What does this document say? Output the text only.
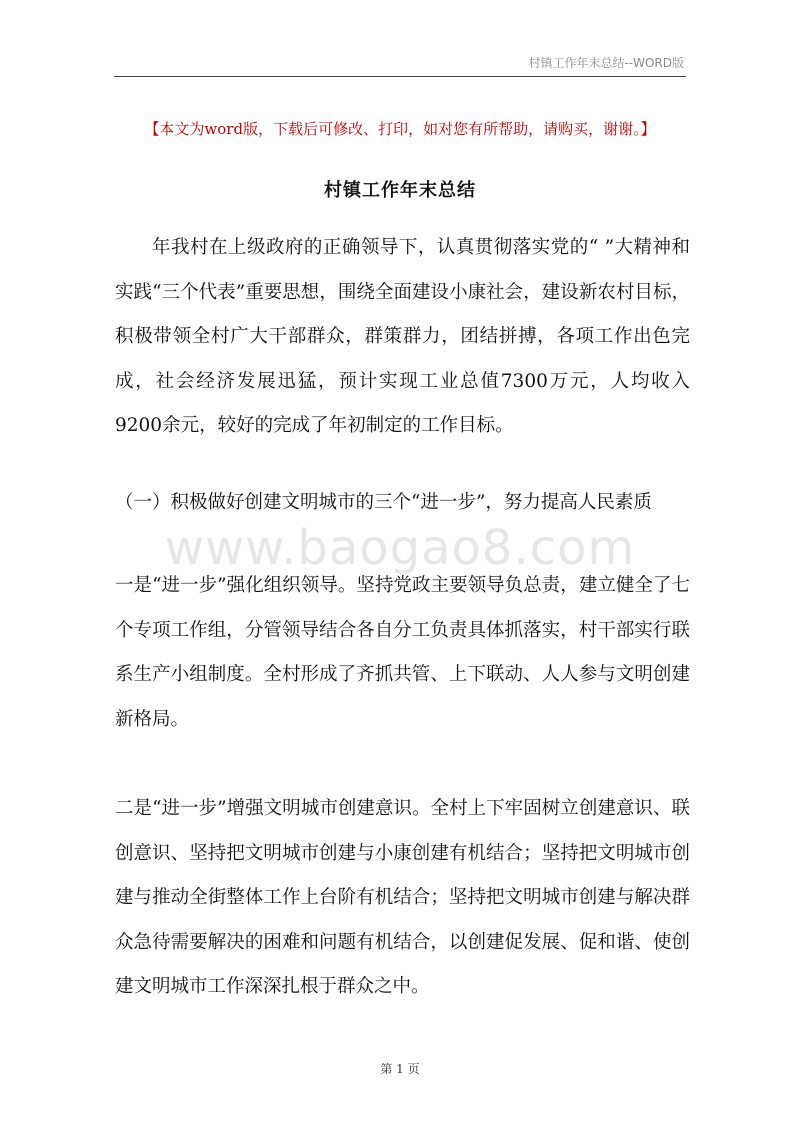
村镇工作年末总结--WORD版
【本文为word版，下载后可修改、打印，如对您有所帮助，请购买，谢谢。】
村镇工作年末总结

年我村在上级政府的正确领导下，认真贯彻落实党的“ ”大精神和实践“三个代表”重要思想，围绕全面建设小康社会，建设新农村目标，积极带领全村广大干部群众，群策群力，团结拼搏，各项工作出色完成，社会经济发展迅猛，预计实现工业总值7300万元，人均收入9200余元，较好的完成了年初制定的工作目标。

（一）积极做好创建文明城市的三个“进一步”，努力提高人民素质
www.baogao8.com

一是“进一步”强化组织领导。坚持党政主要领导负总责，建立健全了七个专项工作组，分管领导结合各自分工负责具体抓落实，村干部实行联系生产小组制度。全村形成了齐抓共管、上下联动、人人参与文明创建新格局。

二是“进一步”增强文明城市创建意识。全村上下牢固树立创建意识、联创意识、坚持把文明城市创建与小康创建有机结合；坚持把文明城市创建与推动全街整体工作上台阶有机结合；坚持把文明城市创建与解决群众急待需要解决的困难和问题有机结合，以创建促发展、促和谐、使创建文明城市工作深深扎根于群众之中。

第 1 页
